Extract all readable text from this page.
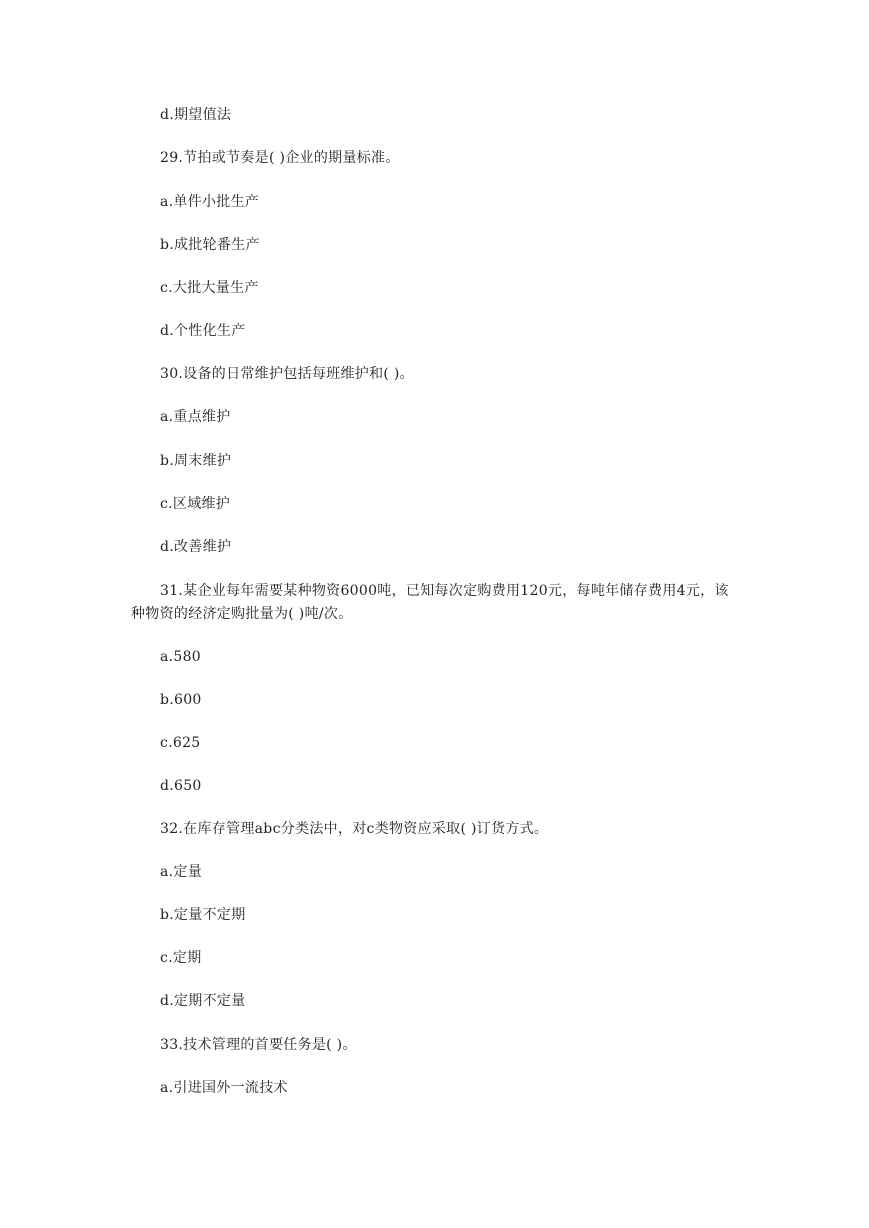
d.期望值法
29.节拍或节奏是( )企业的期量标准。
a.单件小批生产
b.成批轮番生产
c.大批大量生产
d.个性化生产
30.设备的日常维护包括每班维护和( )。
a.重点维护
b.周末维护
c.区域维护
d.改善维护
31.某企业每年需要某种物资6000吨，已知每次定购费用120元，每吨年储存费用4元，该种物资的经济定购批量为( )吨/次。
a.580
b.600
c.625
d.650
32.在库存管理abc分类法中，对c类物资应采取( )订货方式。
a.定量
b.定量不定期
c.定期
d.定期不定量
33.技术管理的首要任务是( )。
a.引进国外一流技术
